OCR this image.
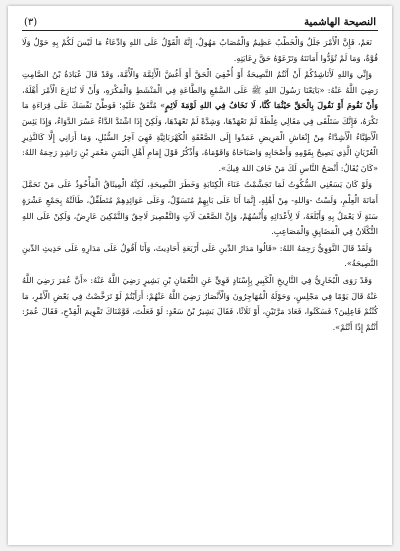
النصيحة الهاشمية
(٣)

نَعَمْ، فَإِنَّ الْأَمْرَ جَلَلٌ وَالْخَطْبُ عَظِيمٌ وَالْمُصَابُ مَهُولٌ، إِنَّهُ الْقَوْلُ عَلَى اللهِ وَادِّعَاءُ مَا لَيْسَ لَكُمْ بِهِ حَوْلٌ وَلَا قُوَّةٌ، وَمَا لَمْ تُؤَدُّوا أَمَانَتَهُ وَتَرْعَوْهُ حَقَّ رِعَايَتِهِ.

وَإِنِّي وَاللهِ لَأَنَاشِدُكُمْ أَنْ أَنْتُمُ النَّصِيحَةُ أَوْ أُخْفِيَ الْحَقَّ أَوْ أَغُشَّ الْأَئِمَّةَ وَالْأُمَّةَ، وَقَدْ قَالَ عُبَادَةُ بْنُ الصَّامِتِ رَضِيَ اللَّهُ عَنْهُ: «بَايَعْنَا رَسُولَ اللهِ ﷺ عَلَى السَّمْعِ وَالطَّاعَةِ فِي الْمَنْشَطِ وَالْمَكْرَهِ، وَأَنْ لَا نُنَازِعَ الْأَمْرَ أَهْلَهُ، وَأَنْ نَقُومَ أَوْ نَقُولَ بِالْحَقِّ حَيْثُمَا كُنَّا، لَا نَخَافُ فِي اللهِ لَوْمَةَ لَائِمٍ» مُتَّفَقٌ عَلَيْهِ؛ فَوَطِّنْ نَفْسَكَ عَلَى قِرَاءَةِ مَا تَكْرَهُ، فَإِنَّكَ سَتَلْقَى فِي مَقَالِي غِلْظَةً لَمْ تَعْهَدْهَا، وَشِدَّةً لَمْ تَعْهَدْهَا، وَلَكِنْ إِذَا اشْتَدَّ الدَّاءُ عَسُرَ الدَّوَاءُ، وَإِذَا يَئِسَ الْأَطِبَّاءُ الْأَشِدَّاءُ مِنْ إِنْعَاشِ الْمَرِيضِ عَمَدُوا إِلَى الصَّعْقَةِ الْكَهْرَبَائِيَّةِ فَهِيَ آخِرُ السُّبُلِ، وَمَا أَرَانِي إِلَّا كَالنَّذِيرِ الْعُرْيَانِ الَّذِي يَصِيحُ بِقَوْمِهِ وَأَصْحَابِهِ وَاصَبَاحَاهُ وَاقَوْمَاهُ، وَأَذْكُرُ قَوْلَ إِمَامِ أَهْلِ الْيَمَنِ مَعْمَرِ بْنِ رَاشِدٍ رَحِمَهُ اللهُ: «كَانَ يُقَالُ: أَنْصَحُ النَّاسِ لَكَ مَنْ خَافَ اللهَ فِيكَ».

وَلَوْ كَانَ يَسَعُنِي السُّكُوتُ لَمَا تَجَشَّمْتُ عَنَاءَ الْكِتَابَةِ وَخَطَرَ النَّصِيحَةِ، لَكِنَّهُ الْمِيثَاقُ الْمَأْخُوذُ عَلَى مَنْ تَحَمَّلَ أَمَانَةَ الْعِلْمِ، وَلَسْتُ -وَاللهِ- مِنْ أَهْلِهِ، إِنَّمَا أَنَا عَلَى بَابِهِمْ مُتَسَوِّلٌ، وَعَلَى عَوَائِدِهِمْ مُتَطَفِّلٌ، طَالَتْهُ بِجَمْعِ عَشْرَةٍ سَنَةٍ لَا يَعْمَلُ بِهِ وَأَبْلَغَهُ، لَا لِأَعْدَائِهِ وَأُنْسُهُمْ، وَإِنَّ الصَّعْفَ لَآتٍ وَالتَّقْصِيرَ لَاحِقٌ وَالتَّمْكِينَ عَارِضٌ، وَلَكِنْ عَلَى اللهِ التُّكْلَانُ فِي الْمَضَايِقِ وَالْمَصَاعِبِ.

وَلَقَدْ قَالَ النَّوَوِيُّ رَحِمَهُ اللهُ: «قَالُوا مَدَارُ الدِّينِ عَلَى أَرْبَعَةِ أَحَادِيثَ، وَأَنَا أَقُولُ عَلَى مَدَارِهِ عَلَى حَدِيثِ الدِّينِ النَّصِيحَةُ».

وَقَدْ رَوَى الْبُخَارِيُّ فِي التَّارِيخِ الْكَبِيرِ بِإِسْنَادٍ قَوِيٍّ عَنِ النُّعْمَانِ بْنِ بَشِيرٍ رَضِيَ اللَّهُ عَنْهُ: «أَنَّ عُمَرَ رَضِيَ اللَّهُ عَنْهُ قَالَ يَوْمًا فِي مَجْلِسٍ، وَحَوْلَهُ الْمُهَاجِرُونَ وَالْأَنْصَارُ رَضِيَ اللَّهُ عَنْهُمْ: أَرَأَيْتُمْ لَوْ تَرَخَّصْتُ فِي بَعْضِ الْأَمْرِ، مَا كُنْتُمْ فَاعِلِينَ؟ فَسَكَتُوا، فَعَادَ مَرَّتَيْنِ، أَوْ ثَلَاثًا، فَقَالَ بَشِيرُ بْنُ سَعْدٍ: لَوْ فَعَلْتَ، قَوَّمْنَاكَ تَقْوِيمَ الْقِدْحِ، فَقَالَ عُمَرُ: أَنْتُمْ إِذًا أَنْتُمْ».
